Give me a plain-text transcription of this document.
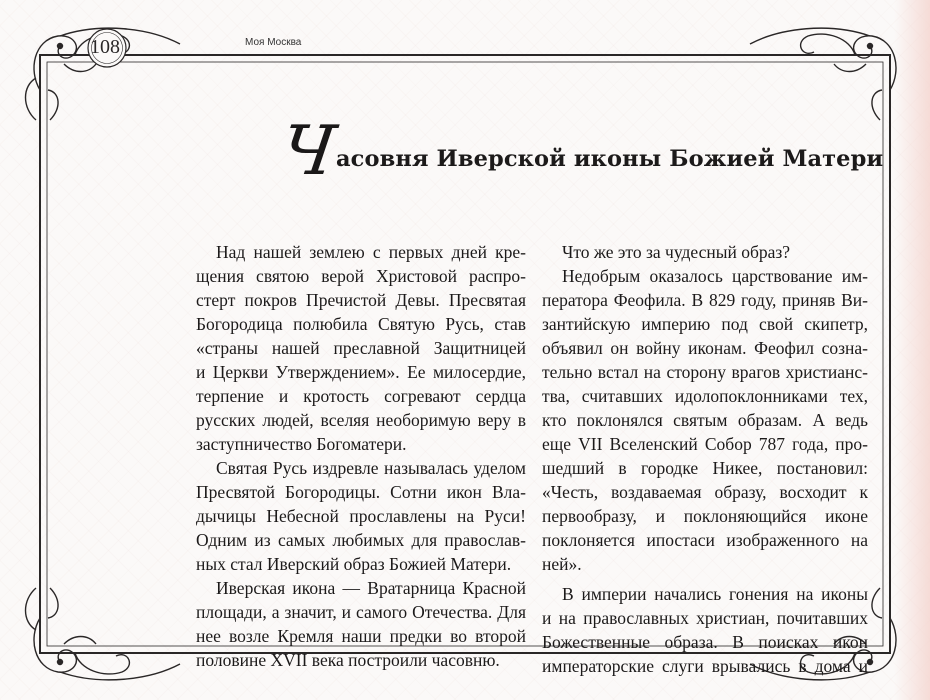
108	Моя Москва
Ч
асовня Иверской иконы Божией Матери
Над нашей землею с первых дней кре-
щения святою верой Христовой распро-
стерт покров Пречистой Девы. Пресвятая
Богородица полюбила Святую Русь, став
«страны нашей преславной Защитницей
и Церкви Утверждением». Ее милосердие,
терпение и кротость согревают сердца
русских людей, вселяя необоримую веру в
заступничество Богоматери.
Святая Русь издревле называлась уделом
Пресвятой Богородицы. Сотни икон Вла-
дычицы Небесной прославлены на Руси!
Одним из самых любимых для православ-
ных стал Иверский образ Божией Матери.
Иверская икона — Вратарница Красной
площади, а значит, и самого Отечества. Для
нее возле Кремля наши предки во второй
половине XVII века построили часовню.
Что же это за чудесный образ?
Недобрым оказалось царствование им-
ператора Феофила. В 829 году, приняв Ви-
зантийскую империю под свой скипетр,
объявил он войну иконам. Феофил созна-
тельно встал на сторону врагов христианс-
тва, считавших идолопоклонниками тех,
кто поклонялся святым образам. А ведь
еще VII Вселенский Собор 787 года, про-
шедший в городке Никее, постановил:
«Честь, воздаваемая образу, восходит к
первообразу, и поклоняющийся иконе
поклоняется ипостаси изображенного на
ней».
В империи начались гонения на иконы
и на православных христиан, почитавших
Божественные образа. В поисках икон
императорские слуги врывались в дома и
